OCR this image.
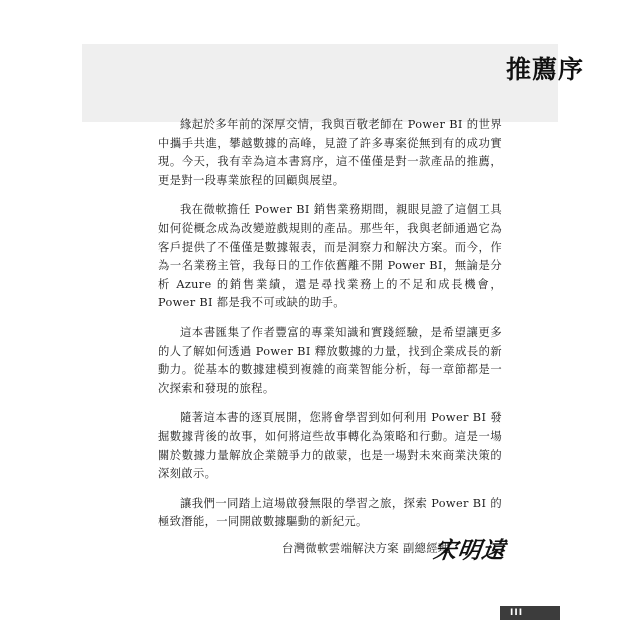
推薦序

緣起於多年前的深厚交情，我與百敬老師在 Power BI 的世界中攜手共進，攀越數據的高峰，見證了許多專案從無到有的成功實現。今天，我有幸為這本書寫序，這不僅僅是對一款產品的推薦，更是對一段專業旅程的回顧與展望。

我在微軟擔任 Power BI 銷售業務期間，親眼見證了這個工具如何從概念成為改變遊戲規則的產品。那些年，我與老師通過它為客戶提供了不僅僅是數據報表，而是洞察力和解決方案。而今，作為一名業務主管，我每日的工作依舊離不開 Power BI，無論是分析 Azure 的銷售業績，還是尋找業務上的不足和成長機會，Power BI 都是我不可或缺的助手。

這本書匯集了作者豐富的專業知識和實踐經驗，是希望讓更多的人了解如何透過 Power BI 釋放數據的力量，找到企業成長的新動力。從基本的數據建模到複雜的商業智能分析，每一章節都是一次探索和發現的旅程。

隨著這本書的逐頁展開，您將會學習到如何利用 Power BI 發掘數據背後的故事，如何將這些故事轉化為策略和行動。這是一場關於數據力量解放企業競爭力的啟蒙，也是一場對未來商業決策的深刻啟示。

讓我們一同踏上這場啟發無限的學習之旅，探索 Power BI 的極致潛能，一同開啟數據驅動的新紀元。

台灣微軟雲端解決方案 副總經理
宋明遠
III
